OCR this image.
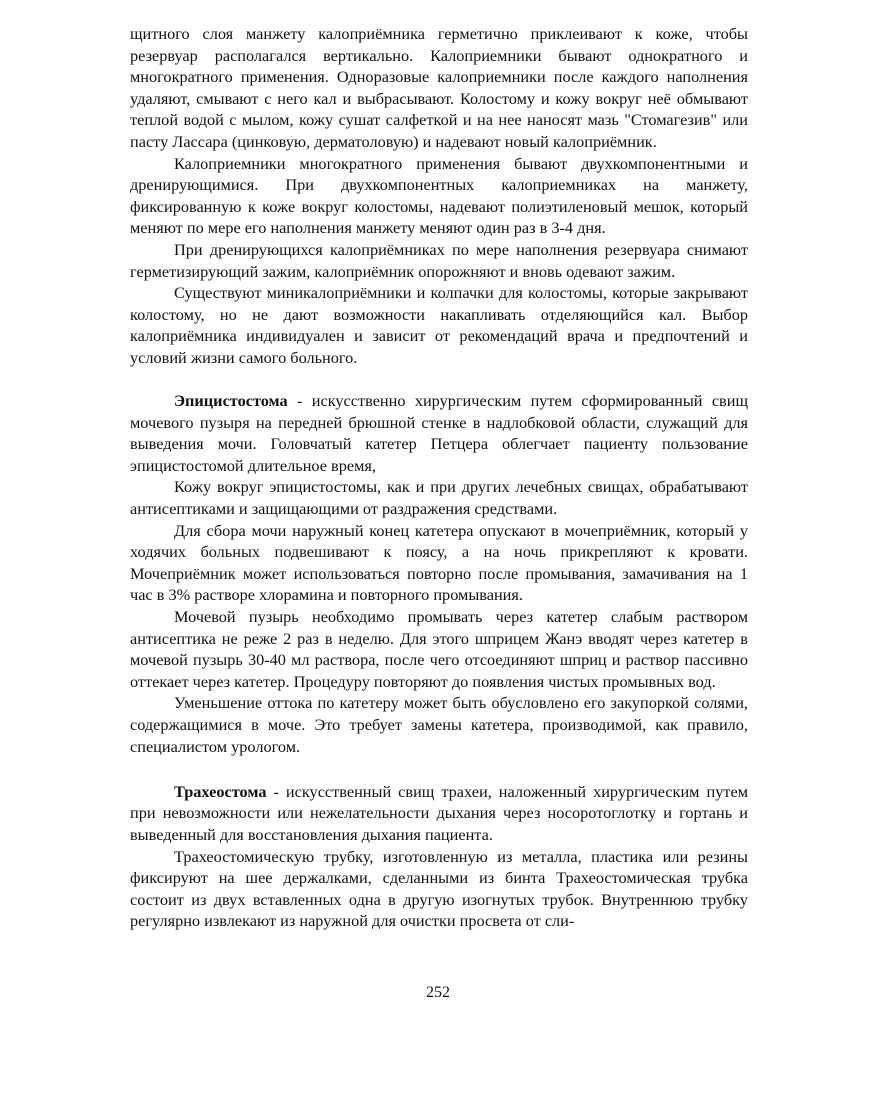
щитного слоя манжету калоприёмника герметично приклеивают к коже, чтобы резервуар располагался вертикально. Калоприемники бывают однократного и многократного применения. Одноразовые калоприемники после каждого наполнения удаляют, смывают с него кал и выбрасывают. Колостому и кожу вокруг неё обмывают теплой водой с мылом, кожу сушат салфеткой и на нее наносят мазь "Стомагезив" или пасту Лассара (цинковую, дерматоловую) и надевают новый калоприёмник.

Калоприемники многократного применения бывают двухкомпонентными и дренирующимися. При двухкомпонентных калоприемниках на манжету, фиксированную к коже вокруг колостомы, надевают полиэтиленовый мешок, который меняют по мере его наполнения манжету меняют один раз в 3-4 дня.

При дренирующихся калоприёмниках по мере наполнения резервуара снимают герметизирующий зажим, калоприёмник опорожняют и вновь одевают зажим.

Существуют миникалоприёмники и колпачки для колостомы, которые закрывают колостому, но не дают возможности накапливать отделяющийся кал. Выбор калоприёмника индивидуален и зависит от рекомендаций врача и предпочтений и условий жизни самого больного.

Эпицистостома - искусственно хирургическим путем сформированный свищ мочевого пузыря на передней брюшной стенке в надлобковой области, служащий для выведения мочи. Головчатый катетер Петцера облегчает пациенту пользование эпицистостомой длительное время,

Кожу вокруг эпицистостомы, как и при других лечебных свищах, обрабатывают антисептиками и защищающими от раздражения средствами.

Для сбора мочи наружный конец катетера опускают в мочеприёмник, который у ходячих больных подвешивают к поясу, а на ночь прикрепляют к кровати. Мочеприёмник может использоваться повторно после промывания, замачивания на 1 час в 3% растворе хлорамина и повторного промывания.

Мочевой пузырь необходимо промывать через катетер слабым раствором антисептика не реже 2 раз в неделю. Для этого шприцем Жанэ вводят через катетер в мочевой пузырь 30-40 мл раствора, после чего отсоединяют шприц и раствор пассивно оттекает через катетер. Процедуру повторяют до появления чистых промывных вод.

Уменьшение оттока по катетеру может быть обусловлено его закупоркой солями, содержащимися в моче. Это требует замены катетера, производимой, как правило, специалистом урологом.

Трахеостома - искусственный свищ трахеи, наложенный хирургическим путем при невозможности или нежелательности дыхания через носоротоглотку и гортань и выведенный для восстановления дыхания пациента.

Трахеостомическую трубку, изготовленную из металла, пластика или резины фиксируют на шее держалками, сделанными из бинта Трахеостомическая трубка состоит из двух вставленных одна в другую изогнутых трубок. Внутреннюю трубку регулярно извлекают из наружной для очистки просвета от сли-

252
